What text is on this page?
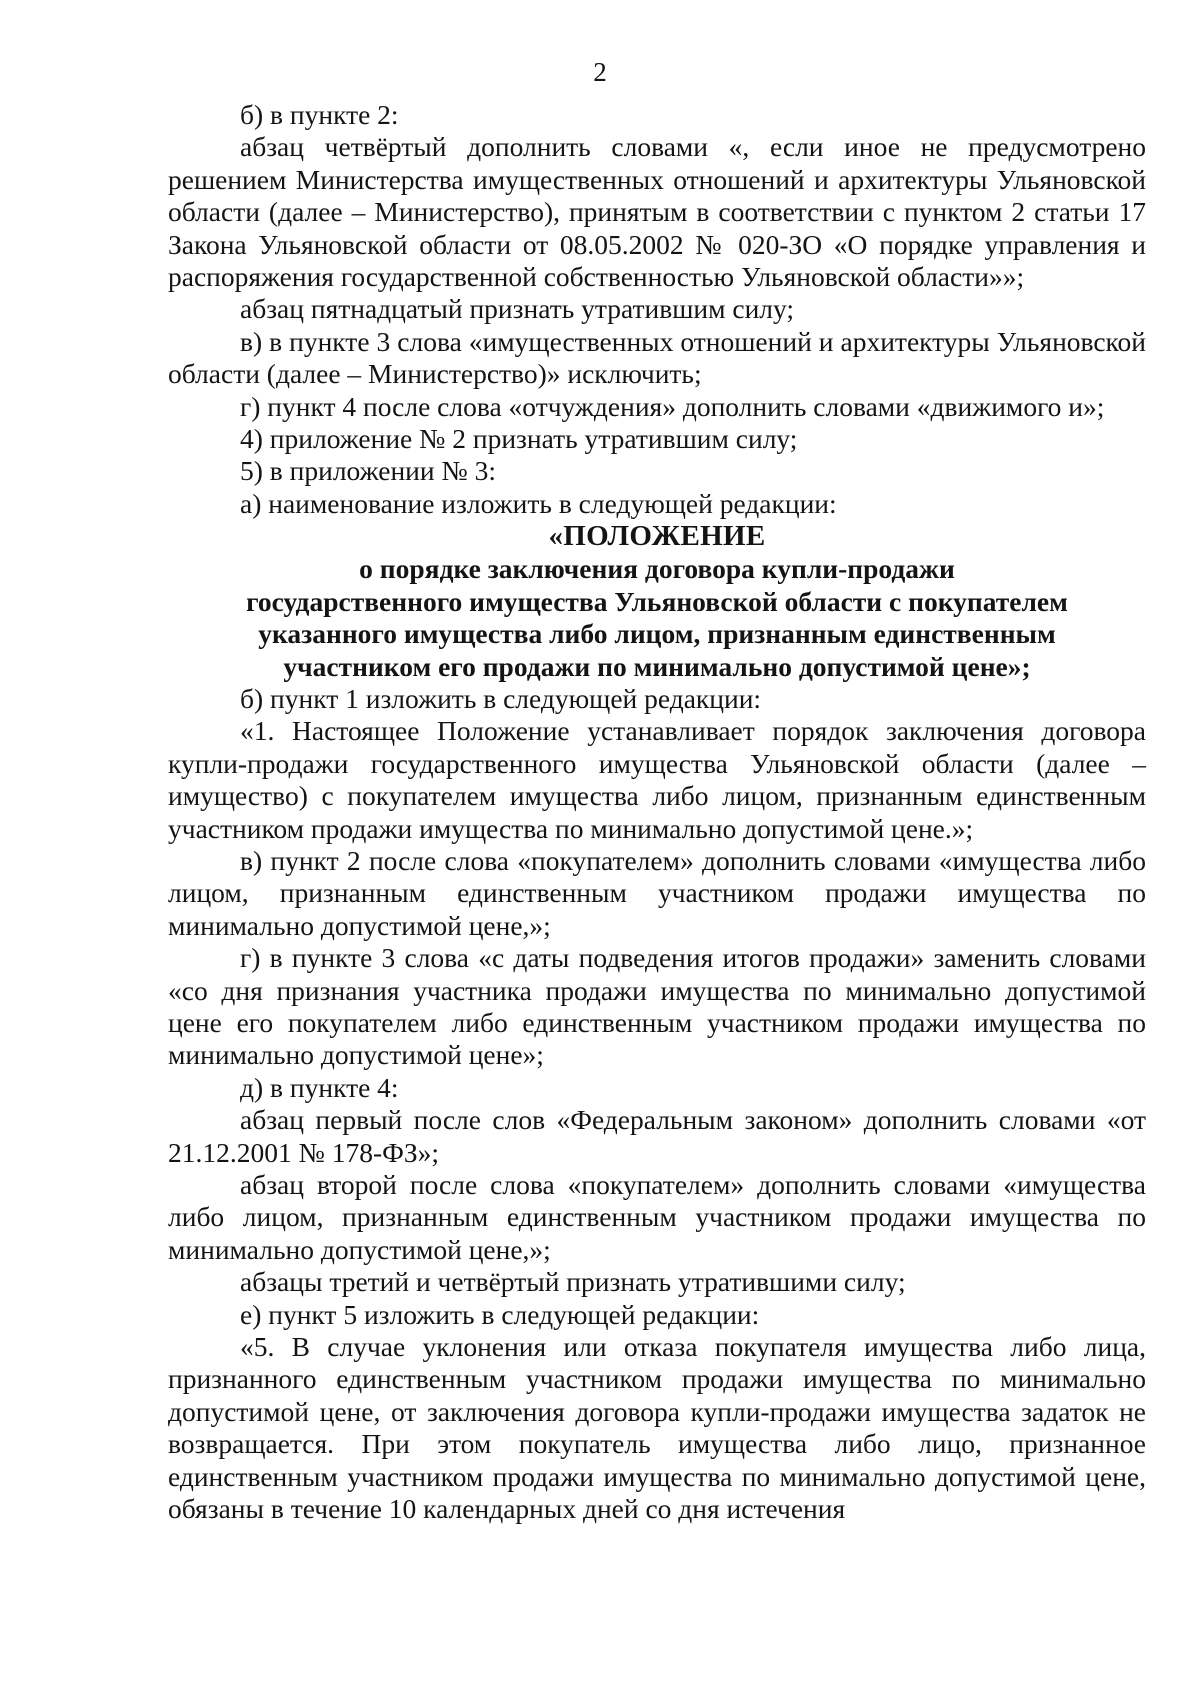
2

б) в пункте 2:

абзац четвёртый дополнить словами «, если иное не предусмотрено решением Министерства имущественных отношений и архитектуры Ульяновской области (далее – Министерство), принятым в соответствии с пунктом 2 статьи 17 Закона Ульяновской области от 08.05.2002 № 020-ЗО «О порядке управления и распоряжения государственной собственностью Ульяновской области»»;

абзац пятнадцатый признать утратившим силу;

в) в пункте 3 слова «имущественных отношений и архитектуры Ульяновской области (далее – Министерство)» исключить;

г) пункт 4 после слова «отчуждения» дополнить словами «движимого и»;

4) приложение № 2 признать утратившим силу;

5) в приложении № 3:

а) наименование изложить в следующей редакции:

«ПОЛОЖЕНИЕ
о порядке заключения договора купли-продажи
государственного имущества Ульяновской области с покупателем
указанного имущества либо лицом, признанным единственным
участником его продажи по минимально допустимой цене»;

б) пункт 1 изложить в следующей редакции:

«1. Настоящее Положение устанавливает порядок заключения договора купли-продажи государственного имущества Ульяновской области (далее – имущество) с покупателем имущества либо лицом, признанным единственным участником продажи имущества по минимально допустимой цене.»;

в) пункт 2 после слова «покупателем» дополнить словами «имущества либо лицом, признанным единственным участником продажи имущества по минимально допустимой цене,»;

г) в пункте 3 слова «с даты подведения итогов продажи» заменить словами «со дня признания участника продажи имущества по минимально допустимой цене его покупателем либо единственным участником продажи имущества по минимально допустимой цене»;

д) в пункте 4:

абзац первый после слов «Федеральным законом» дополнить словами «от 21.12.2001 № 178-ФЗ»;

абзац второй после слова «покупателем» дополнить словами «имущества либо лицом, признанным единственным участником продажи имущества по минимально допустимой цене,»;

абзацы третий и четвёртый признать утратившими силу;

е) пункт 5 изложить в следующей редакции:

«5. В случае уклонения или отказа покупателя имущества либо лица, признанного единственным участником продажи имущества по минимально допустимой цене, от заключения договора купли-продажи имущества задаток не возвращается. При этом покупатель имущества либо лицо, признанное единственным участником продажи имущества по минимально допустимой цене, обязаны в течение 10 календарных дней со дня истечения
